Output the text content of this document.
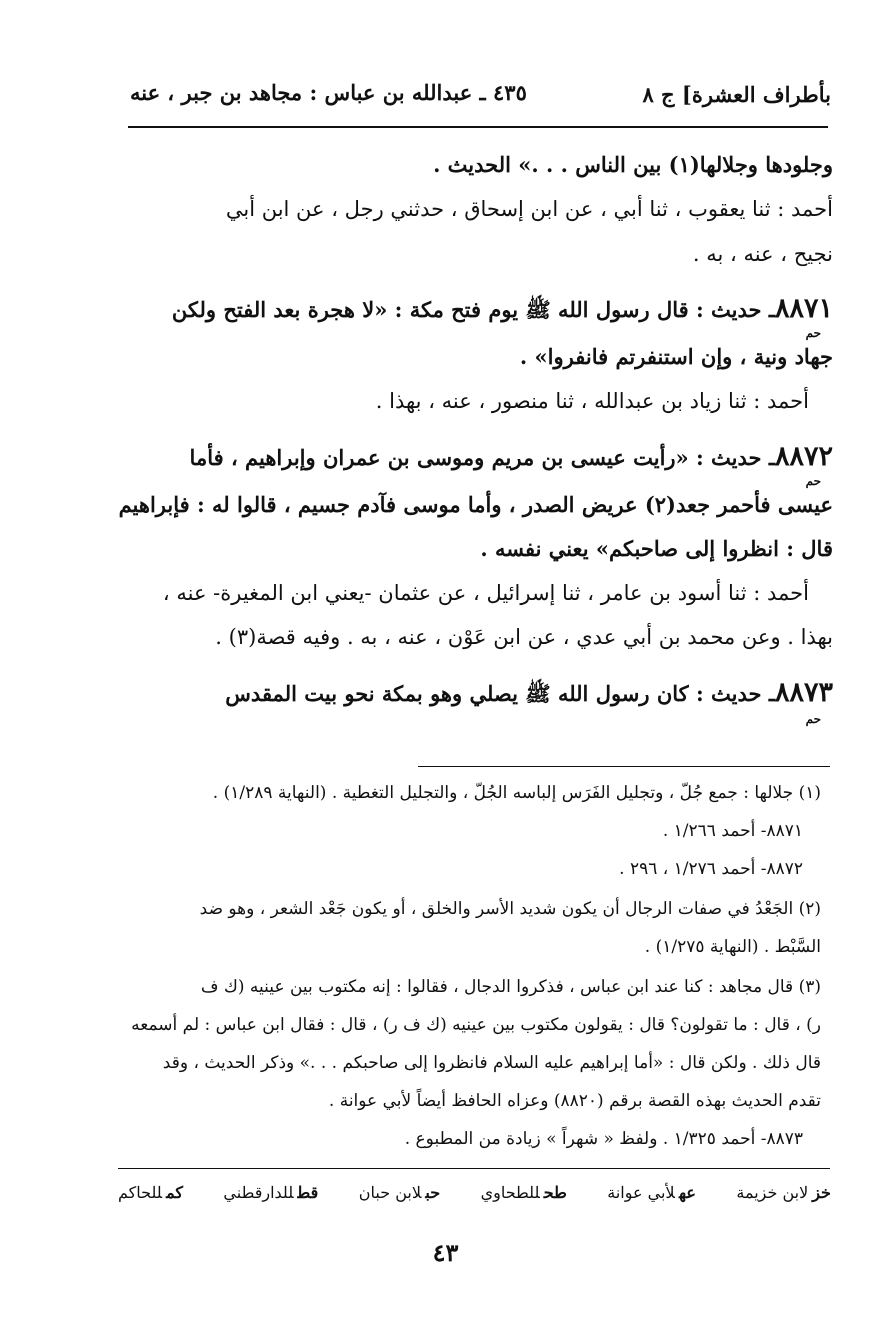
بأطراف العشرة] ج ٨
٤٣٥ ـ عبدالله بن عباس : مجاهد بن جبر ، عنه
وجلودها وجلالها(١) بين الناس . . .» الحديث .
أحمد : ثنا يعقوب ، ثنا أبي ، عن ابن إسحاق ، حدثني رجل ، عن ابن أبي
نجيح ، عنه ، به .
٨٨٧١ـ حديث : قال رسول الله ﷺ يوم فتح مكة : «لا هجرة بعد الفتح ولكن
حم
جهاد ونية ، وإن استنفرتم فانفروا» .
أحمد : ثنا زياد بن عبدالله ، ثنا منصور ، عنه ، بهذا .
٨٨٧٢ـ حديث : «رأيت عيسى بن مريم وموسى بن عمران وإبراهيم ، فأما
حم
عيسى فأحمر جعد(٢) عريض الصدر ، وأما موسى فآدم جسيم ، قالوا له : فإبراهيم
قال : انظروا إلى صاحبكم» يعني نفسه .
أحمد : ثنا أسود بن عامر ، ثنا إسرائيل ، عن عثمان -يعني ابن المغيرة- عنه ،
بهذا . وعن محمد بن أبي عدي ، عن ابن عَوْن ، عنه ، به . وفيه قصة(٣) .
٨٨٧٣ـ حديث : كان رسول الله ﷺ يصلي وهو بمكة نحو بيت المقدس
حم
(١) جلالها : جمع جُلّ ، وتجليل الفَرَس إلباسه الجُلّ ، والتجليل التغطية . (النهاية ١/٢٨٩) .
٨٨٧١- أحمد ١/٢٦٦ .
٨٨٧٢- أحمد ١/٢٧٦ ، ٢٩٦ .
(٢) الجَعْدُ في صفات الرجال أن يكون شديد الأسر والخلق ، أو يكون جَعْد الشعر ، وهو ضد
السَّبْط . (النهاية ١/٢٧٥) .
(٣) قال مجاهد : كنا عند ابن عباس ، فذكروا الدجال ، فقالوا : إنه مكتوب بين عينيه (ك ف
ر) ، قال : ما تقولون؟ قال : يقولون مكتوب بين عينيه (ك ف ر) ، قال : فقال ابن عباس : لم أسمعه
قال ذلك . ولكن قال : «أما إبراهيم عليه السلام فانظروا إلى صاحبكم . . .» وذكر الحديث ، وقد
تقدم الحديث بهذه القصة برقم (٨٨٢٠) وعزاه الحافظ أيضاً لأبي عوانة .
٨٨٧٣- أحمد ١/٣٢٥ . ولفظ « شهراً » زيادة من المطبوع .
خزلابن خزيمة
عهلأبي عوانة
طحللطحاوي
حبلابن حبان
قطللدارقطني
كمللحاكم
٤٣
